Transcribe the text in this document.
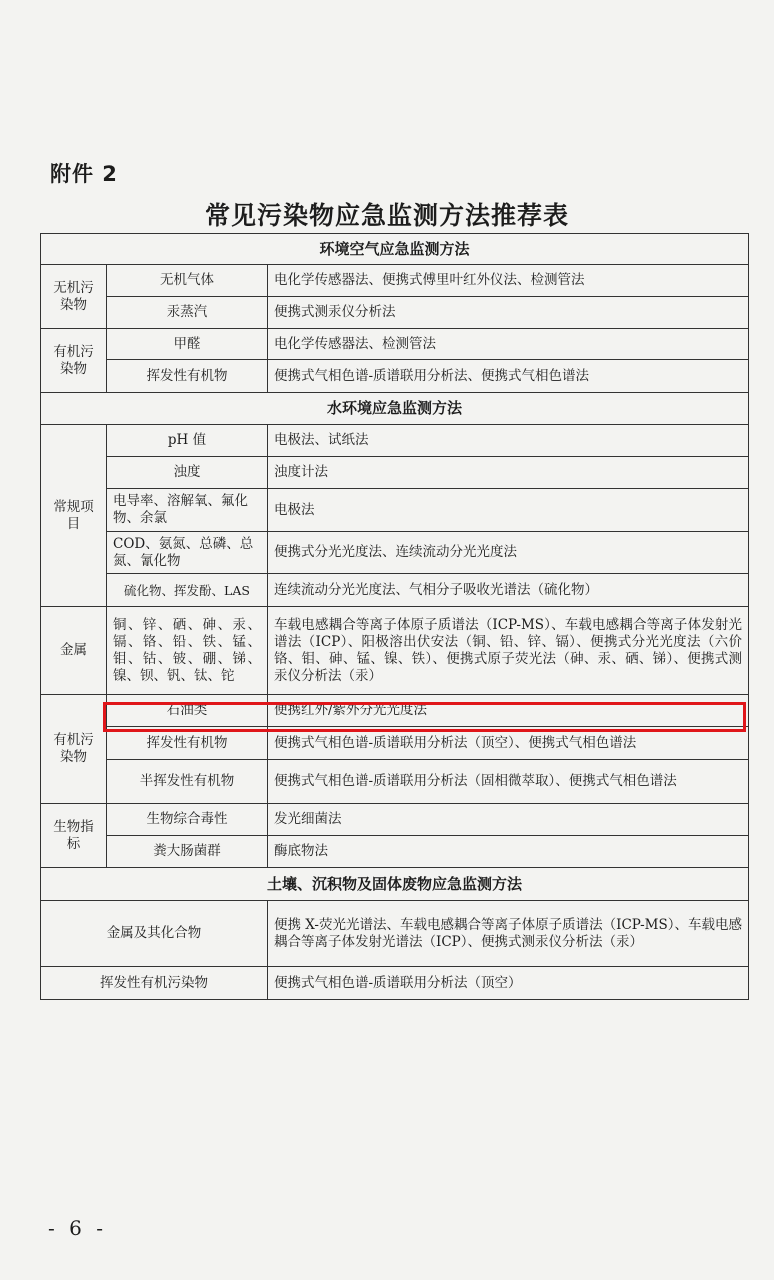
附件 2
常见污染物应急监测方法推荐表
环境空气应急监测方法		
无机污染物	无机气体	电化学传感器法、便携式傅里叶红外仪法、检测管法
	汞蒸汽	便携式测汞仪分析法
有机污染物	甲醛	电化学传感器法、检测管法
	挥发性有机物	便携式气相色谱-质谱联用分析法、便携式气相色谱法
水环境应急监测方法		
常规项目	pH 值	电极法、试纸法
	浊度	浊度计法
	电导率、溶解氧、氟化物、余氯	电极法
	COD、氨氮、总磷、总氮、氰化物	便携式分光光度法、连续流动分光光度法
	硫化物、挥发酚、LAS	连续流动分光光度法、气相分子吸收光谱法（硫化物）
金属	铜、锌、硒、砷、汞、镉、铬、铅、铁、锰、钼、钴、铍、硼、锑、镍、钡、钒、钛、铊	车载电感耦合等离子体原子质谱法（ICP-MS）、车载电感耦合等离子体发射光谱法（ICP）、阳极溶出伏安法（铜、铅、锌、镉）、便携式分光光度法（六价铬、钼、砷、锰、镍、铁）、便携式原子荧光法（砷、汞、硒、锑）、便携式测汞仪分析法（汞）
有机污染物	石油类	便携红外/紫外分光光度法
	挥发性有机物	便携式气相色谱-质谱联用分析法（顶空）、便携式气相色谱法
	半挥发性有机物	便携式气相色谱-质谱联用分析法（固相微萃取）、便携式气相色谱法
生物指标	生物综合毒性	发光细菌法
	粪大肠菌群	酶底物法
土壤、沉积物及固体废物应急监测方法		
金属及其化合物		便携 X-荧光光谱法、车载电感耦合等离子体原子质谱法（ICP-MS）、车载电感耦合等离子体发射光谱法（ICP）、便携式测汞仪分析法（汞）
挥发性有机污染物		便携式气相色谱-质谱联用分析法（顶空）
- 6 -
